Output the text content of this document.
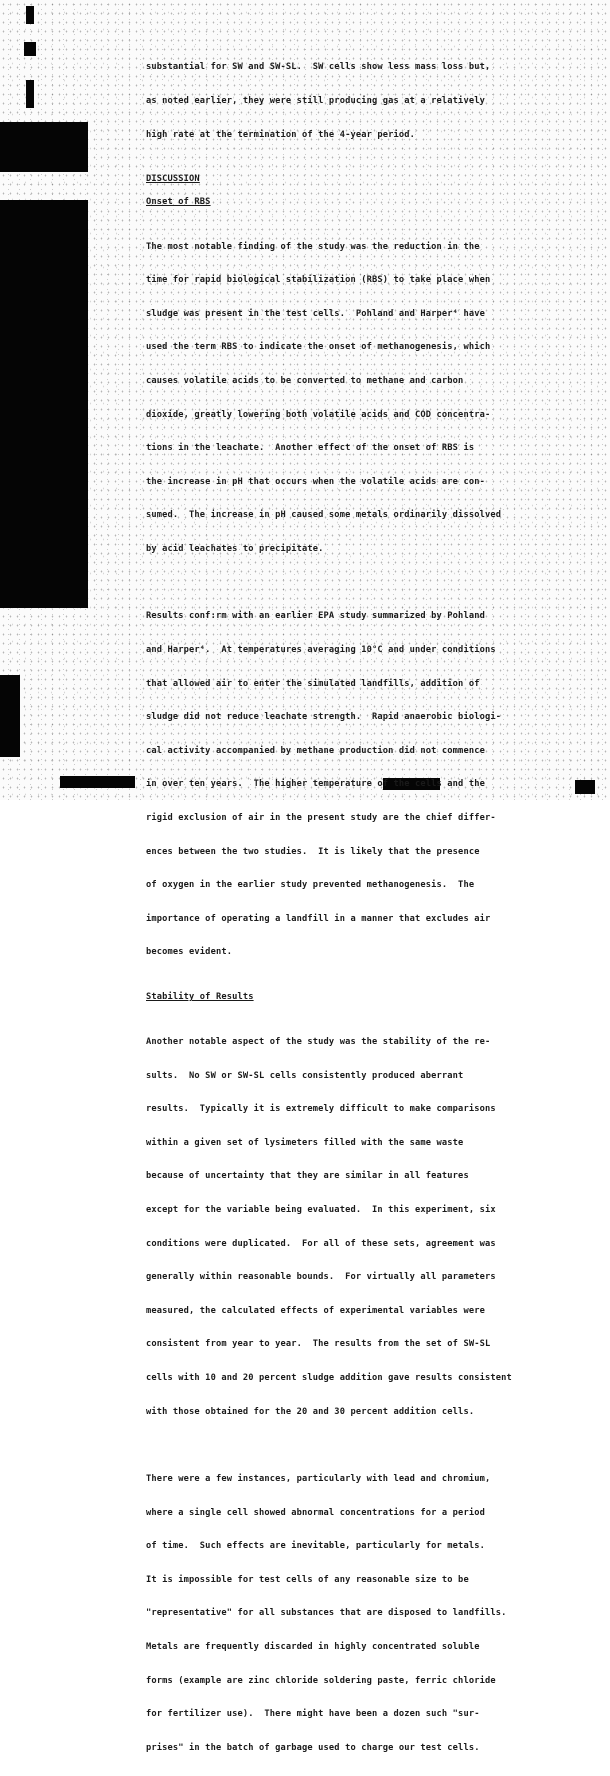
substantial for SW and SW-SL.  SW cells show less mass loss but,

as noted earlier, they were still producing gas at a relatively

high rate at the termination of the 4-year period.

DISCUSSION
Onset of RBS

The most notable finding of the study was the reduction in the

time for rapid biological stabilization (RBS) to take place when

sludge was present in the test cells.  Pohland and Harper⁴ have

used the term RBS to indicate the onset of methanogenesis, which

causes volatile acids to be converted to methane and carbon

dioxide, greatly lowering both volatile acids and COD concentra-

tions in the leachate.  Another effect of the onset of RBS is

the increase in pH that occurs when the volatile acids are con-

sumed.  The increase in pH caused some metals ordinarily dissolved

by acid leachates to precipitate.

Results conf:rm with an earlier EPA study summarized by Pohland

and Harper⁴.  At temperatures averaging 10°C and under conditions

that allowed air to enter the simulated landfills, addition of

sludge did not reduce leachate strength.  Rapid anaerobic biologi-

cal activity accompanied by methane production did not commence

in over ten years.  The higher temperature of the cells and the

rigid exclusion of air in the present study are the chief differ-

ences between the two studies.  It is likely that the presence

of oxygen in the earlier study prevented methanogenesis.  The

importance of operating a landfill in a manner that excludes air

becomes evident.

Stability of Results

Another notable aspect of the study was the stability of the re-

sults.  No SW or SW-SL cells consistently produced aberrant

results.  Typically it is extremely difficult to make comparisons

within a given set of lysimeters filled with the same waste

because of uncertainty that they are similar in all features

except for the variable being evaluated.  In this experiment, six

conditions were duplicated.  For all of these sets, agreement was

generally within reasonable bounds.  For virtually all parameters

measured, the calculated effects of experimental variables were

consistent from year to year.  The results from the set of SW-SL

cells with 10 and 20 percent sludge addition gave results consistent

with those obtained for the 20 and 30 percent addition cells.

There were a few instances, particularly with lead and chromium,

where a single cell showed abnormal concentrations for a period

of time.  Such effects are inevitable, particularly for metals.

It is impossible for test cells of any reasonable size to be

"representative" for all substances that are disposed to landfills.

Metals are frequently discarded in highly concentrated soluble

forms (example are zinc chloride soldering paste, ferric chloride

for fertilizer use).  There might have been a dozen such "sur-

prises" in the batch of garbage used to charge our test cells.
